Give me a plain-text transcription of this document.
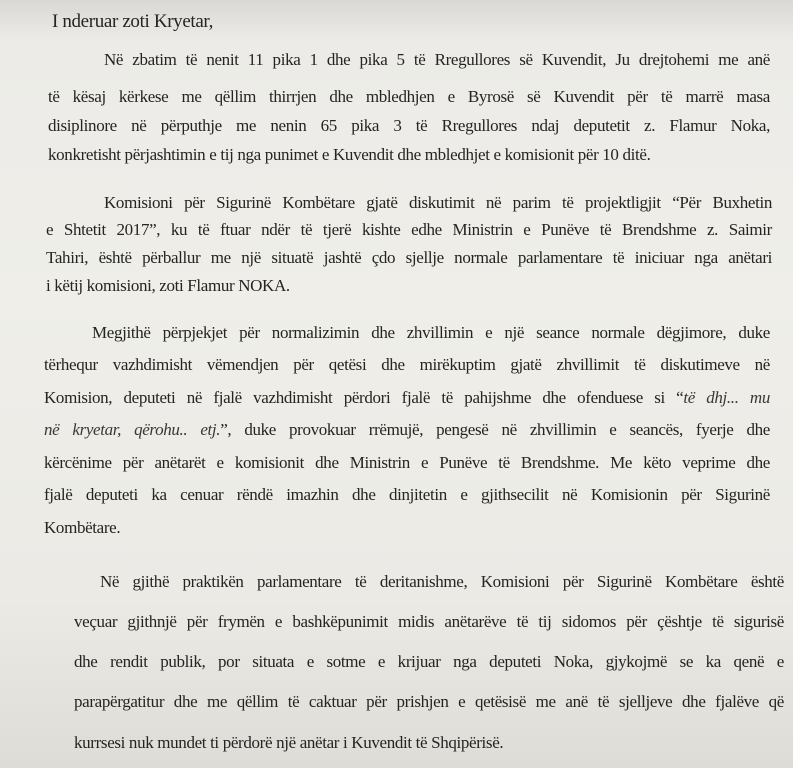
I nderuar zoti Kryetar,
Në zbatim të nenit 11 pika 1 dhe pika 5 të Rregullores së Kuvendit, Ju drejtohemi me anë
të kësaj kërkese me qëllim thirrjen dhe mbledhjen e Byrosë së Kuvendit për të marrë masa
disiplinore në përputhje me nenin 65 pika 3 të Rregullores ndaj deputetit z. Flamur Noka,
konkretisht përjashtimin e tij nga punimet e Kuvendit dhe mbledhjet e komisionit për 10 ditë.
Komisioni për Sigurinë Kombëtare gjatë diskutimit në parim të projektligjit “Për Buxhetin
e Shtetit 2017”, ku të ftuar ndër të tjerë kishte edhe Ministrin e Punëve të Brendshme z. Saimir
Tahiri, është përballur me një situatë jashtë çdo sjellje normale parlamentare të iniciuar nga anëtari
i këtij komisioni, zoti Flamur NOKA.
Megjithë përpjekjet për normalizimin dhe zhvillimin e një seance normale dëgjimore, duke
tërhequr vazhdimisht vëmendjen për qetësi dhe mirëkuptim gjatë zhvillimit të diskutimeve në
Komision, deputeti në fjalë vazhdimisht përdori fjalë të pahijshme dhe ofenduese si “të dhj... mu
në kryetar, qërohu.. etj.”, duke provokuar rrëmujë, pengesë në zhvillimin e seancës, fyerje dhe
kërcënime për anëtarët e komisionit dhe Ministrin e Punëve të Brendshme. Me këto veprime dhe
fjalë deputeti ka cenuar rëndë imazhin dhe dinjitetin e gjithsecilit në Komisionin për Sigurinë
Kombëtare.
Në gjithë praktikën parlamentare të deritanishme, Komisioni për Sigurinë Kombëtare është
veçuar gjithnjë për frymën e bashkëpunimit midis anëtarëve të tij sidomos për çështje të sigurisë
dhe rendit publik, por situata e sotme e krijuar nga deputeti Noka, gjykojmë se ka qenë e
parapërgatitur dhe me qëllim të caktuar për prishjen e qetësisë me anë të sjelljeve dhe fjalëve që
kurrsesi nuk mundet ti përdorë një anëtar i Kuvendit të Shqipërisë.
